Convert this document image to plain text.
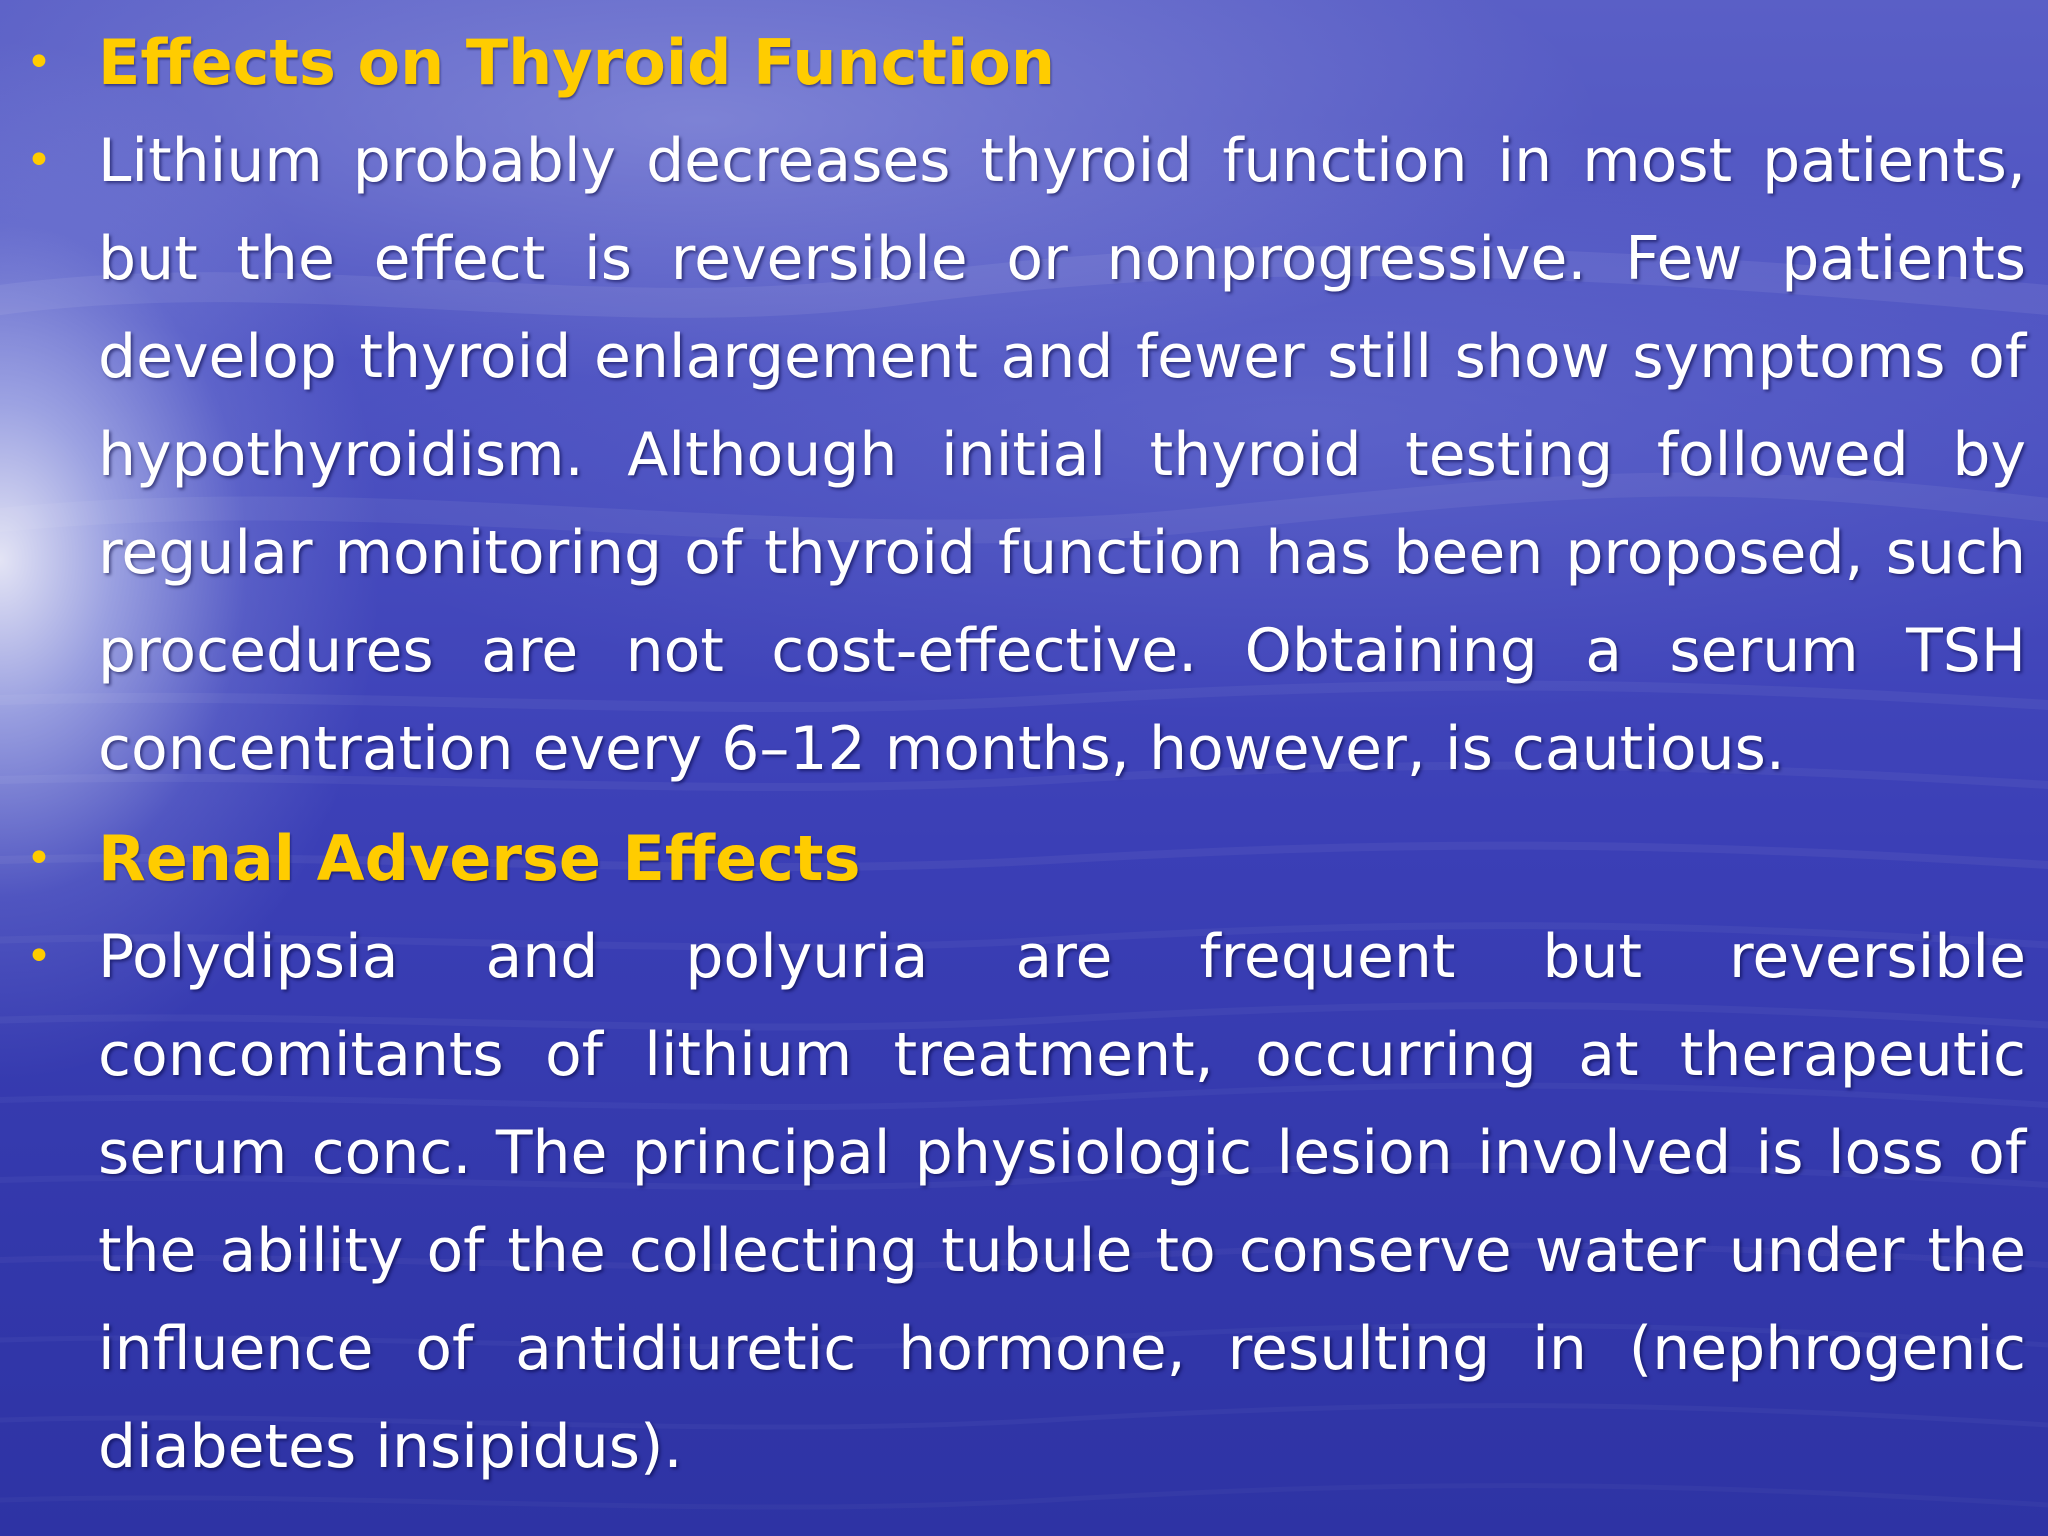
• Effects on Thyroid Function
• Lithium probably decreases thyroid function in most patients, but the effect is reversible or nonprogressive. Few patients develop thyroid enlargement and fewer still show symptoms of hypothyroidism. Although initial thyroid testing followed by regular monitoring of thyroid function has been proposed, such procedures are not cost-effective. Obtaining a serum TSH concentration every 6–12 months, however, is cautious.

• Renal Adverse Effects
• Polydipsia and polyuria are frequent but reversible concomitants of lithium treatment, occurring at therapeutic serum conc. The principal physiologic lesion involved is loss of the ability of the collecting tubule to conserve water under the influence of antidiuretic hormone, resulting in (nephrogenic diabetes insipidus).
